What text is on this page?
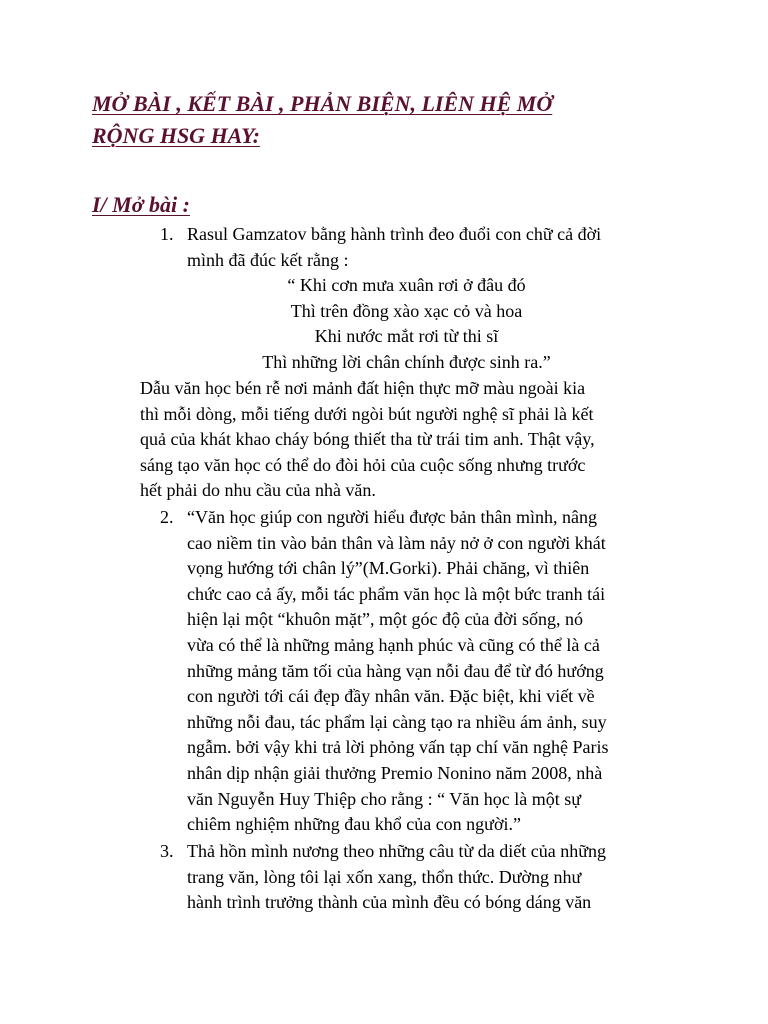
MỞ BÀI , KẾT BÀI , PHẢN BIỆN, LIÊN HỆ MỞ
RỘNG HSG HAY:
I/ Mở bài :
1. Rasul Gamzatov bằng hành trình đeo đuổi con chữ cả đời
mình đã đúc kết rằng :
“ Khi cơn mưa xuân rơi ở đâu đó
Thì trên đồng xào xạc cỏ và hoa
Khi nước mắt rơi từ thi sĩ
Thì những lời chân chính được sinh ra.”
Dẫu văn học bén rễ nơi mảnh đất hiện thực mỡ màu ngoài kia
thì mỗi dòng, mỗi tiếng dưới ngòi bút người nghệ sĩ phải là kết
quả của khát khao cháy bóng thiết tha từ trái tim anh. Thật vậy,
sáng tạo văn học có thể do đòi hỏi của cuộc sống nhưng trước
hết phải do nhu cầu của nhà văn.
2. “Văn học giúp con người hiểu được bản thân mình, nâng
cao niềm tin vào bản thân và làm nảy nở ở con người khát
vọng hướng tới chân lý”(M.Gorki). Phải chăng, vì thiên
chức cao cả ấy, mỗi tác phẩm văn học là một bức tranh tái
hiện lại một “khuôn mặt”, một góc độ của đời sống, nó
vừa có thể là những mảng hạnh phúc và cũng có thể là cả
những mảng tăm tối của hàng vạn nỗi đau để từ đó hướng
con người tới cái đẹp đầy nhân văn. Đặc biệt, khi viết về
những nỗi đau, tác phẩm lại càng tạo ra nhiều ám ảnh, suy
ngẫm. bởi vậy khi trả lời phỏng vấn tạp chí văn nghệ Paris
nhân dịp nhận giải thưởng Premio Nonino năm 2008, nhà
văn Nguyễn Huy Thiệp cho rằng : “ Văn học là một sự
chiêm nghiệm những đau khổ của con người.”
3. Thả hồn mình nương theo những câu từ da diết của những
trang văn, lòng tôi lại xốn xang, thổn thức. Dường như
hành trình trưởng thành của mình đều có bóng dáng văn
